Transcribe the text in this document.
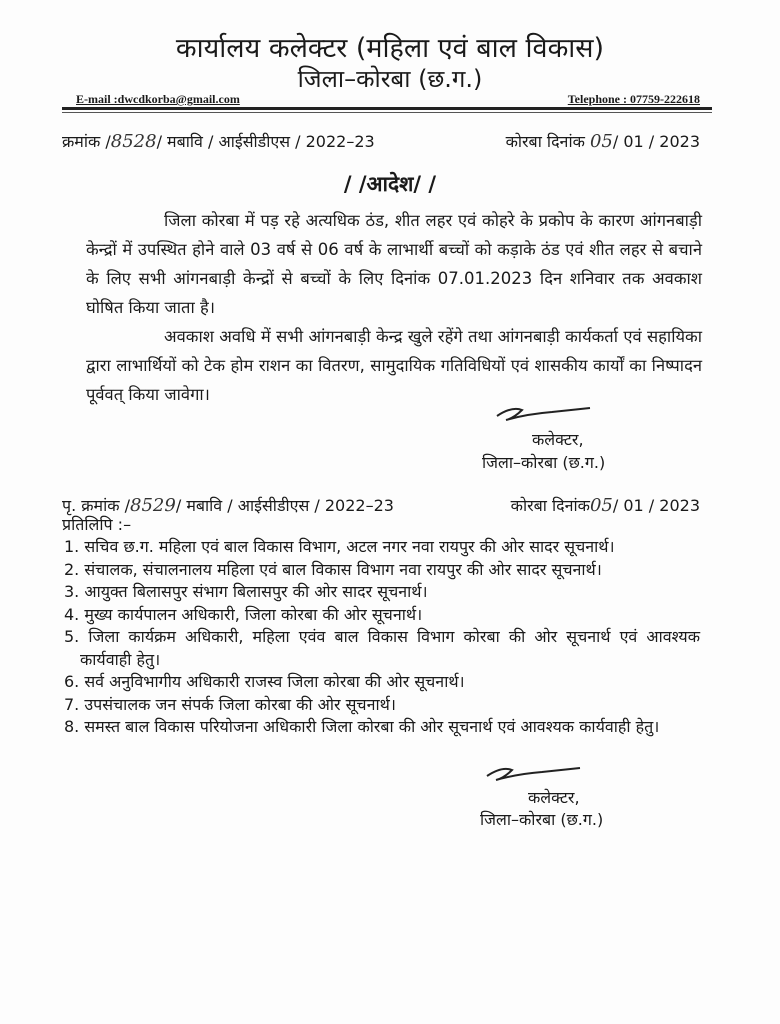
कार्यालय कलेक्टर (महिला एवं बाल विकास)
जिला–कोरबा (छ.ग.)
E-mail :dwcdkorba@gmail.com	Telephone : 07759-222618
क्रमांक /8528/ मबावि / आईसीडीएस / 2022–23	कोरबा दिनांक 05/ 01 / 2023
/ /आदेश/ /
जिला कोरबा में पड़ रहे अत्यधिक ठंड, शीत लहर एवं कोहरे के प्रकोप के कारण आंगनबाड़ी केन्द्रों में उपस्थित होने वाले 03 वर्ष से 06 वर्ष के लाभार्थी बच्चों को कड़ाके ठंड एवं शीत लहर से बचाने के लिए सभी आंगनबाड़ी केन्द्रों से बच्चों के लिए दिनांक 07.01.2023 दिन शनिवार तक अवकाश घोषित किया जाता है।
अवकाश अवधि में सभी आंगनबाड़ी केन्द्र खुले रहेंगे तथा आंगनबाड़ी कार्यकर्ता एवं सहायिका द्वारा लाभार्थियों को टेक होम राशन का वितरण, सामुदायिक गतिविधियों एवं शासकीय कार्यों का निष्पादन पूर्ववत् किया जावेगा।
कलेक्टर,
जिला–कोरबा (छ.ग.)
पृ. क्रमांक /8529/ मबावि / आईसीडीएस / 2022–23	कोरबा दिनांक05/ 01 / 2023
प्रतिलिपि :–
1. सचिव छ.ग. महिला एवं बाल विकास विभाग, अटल नगर नवा रायपुर की ओर सादर सूचनार्थ।
2. संचालक, संचालनालय महिला एवं बाल विकास विभाग नवा रायपुर की ओर सादर सूचनार्थ।
3. आयुक्त बिलासपुर संभाग बिलासपुर की ओर सादर सूचनार्थ।
4. मुख्य कार्यपालन अधिकारी, जिला कोरबा की ओर सूचनार्थ।
5. जिला कार्यक्रम अधिकारी, महिला एवंव बाल विकास विभाग कोरबा की ओर सूचनार्थ एवं आवश्यक कार्यवाही हेतु।
6. सर्व अनुविभागीय अधिकारी राजस्व जिला कोरबा की ओर सूचनार्थ।
7. उपसंचालक जन संपर्क जिला कोरबा की ओर सूचनार्थ।
8. समस्त बाल विकास परियोजना अधिकारी जिला कोरबा की ओर सूचनार्थ एवं आवश्यक कार्यवाही हेतु।
कलेक्टर,
जिला–कोरबा (छ.ग.)
